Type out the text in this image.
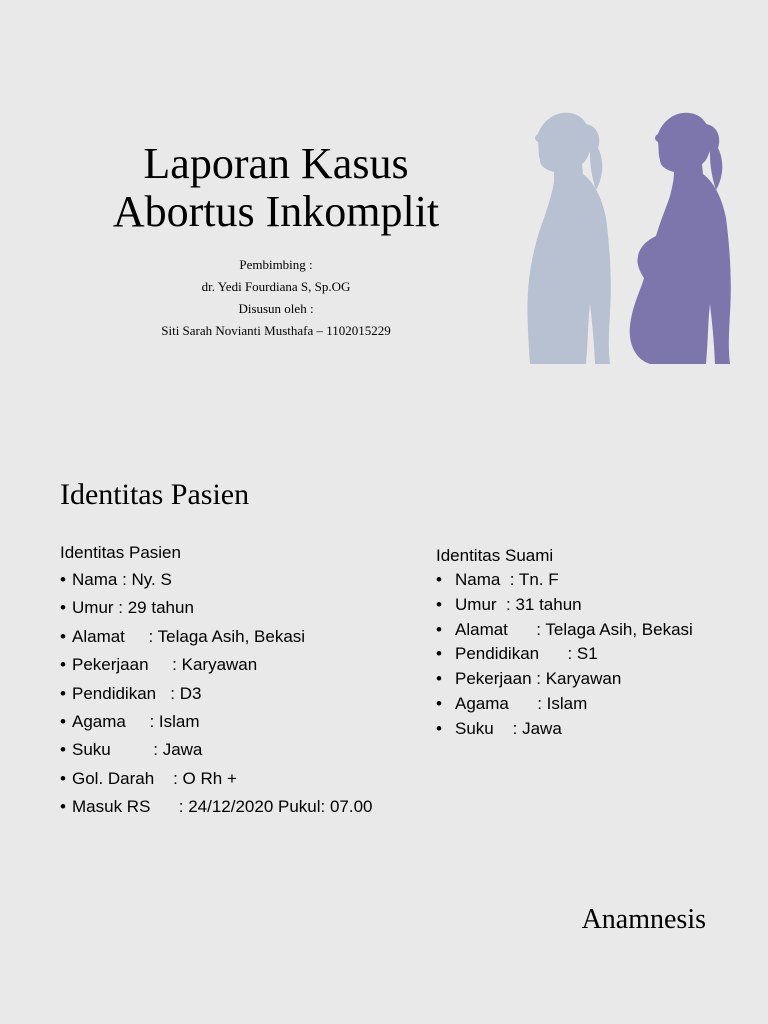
Laporan Kasus
Abortus Inkomplit
Pembimbing :
dr. Yedi Fourdiana S, Sp.OG
Disusun oleh :
Siti Sarah Novianti Musthafa – 1102015229
Identitas Pasien
Identitas Pasien
• Nama : Ny. S
• Umur : 29 tahun
• Alamat     : Telaga Asih, Bekasi
• Pekerjaan     : Karyawan
• Pendidikan   : D3
• Agama     : Islam
• Suku         : Jawa
• Gol. Darah    : O Rh +
• Masuk RS      : 24/12/2020 Pukul: 07.00
Identitas Suami
• Nama  : Tn. F
• Umur  : 31 tahun
• Alamat      : Telaga Asih, Bekasi
• Pendidikan      : S1
• Pekerjaan : Karyawan
• Agama      : Islam
• Suku    : Jawa
Anamnesis
